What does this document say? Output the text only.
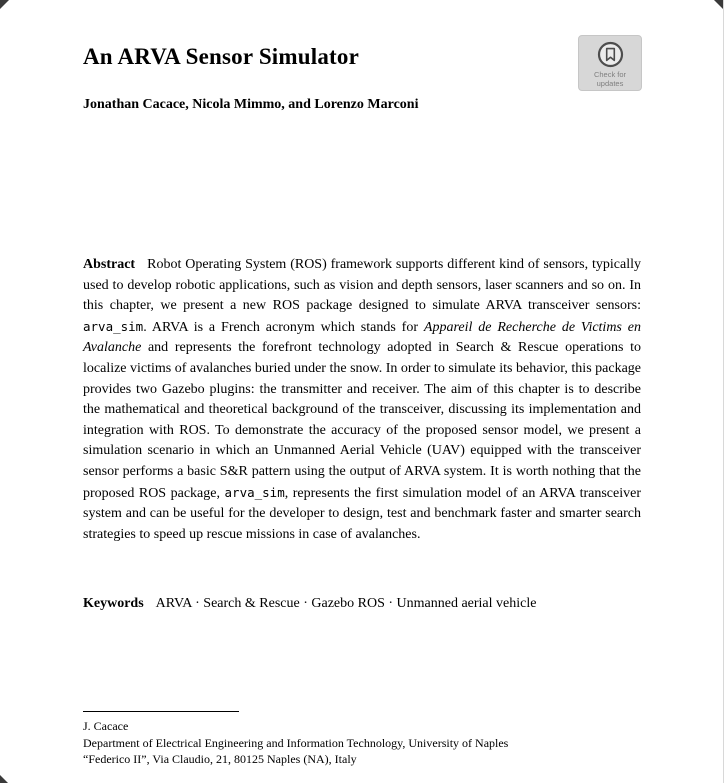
An ARVA Sensor Simulator
Check for
updates
Jonathan Cacace, Nicola Mimmo, and Lorenzo Marconi

Abstract Robot Operating System (ROS) framework supports different kind of sensors, typically used to develop robotic applications, such as vision and depth sensors, laser scanners and so on. In this chapter, we present a new ROS package designed to simulate ARVA transceiver sensors: arva_sim. ARVA is a French acronym which stands for Appareil de Recherche de Victims en Avalanche and represents the forefront technology adopted in Search & Rescue operations to localize victims of avalanches buried under the snow. In order to simulate its behavior, this package provides two Gazebo plugins: the transmitter and receiver. The aim of this chapter is to describe the mathematical and theoretical background of the transceiver, discussing its implementation and integration with ROS. To demonstrate the accuracy of the proposed sensor model, we present a simulation scenario in which an Unmanned Aerial Vehicle (UAV) equipped with the transceiver sensor performs a basic S&R pattern using the output of ARVA system. It is worth nothing that the proposed ROS package, arva_sim, represents the first simulation model of an ARVA transceiver system and can be useful for the developer to design, test and benchmark faster and smarter search strategies to speed up rescue missions in case of avalanches.

Keywords ARVA · Search & Rescue · Gazebo ROS · Unmanned aerial vehicle

J. Cacace
Department of Electrical Engineering and Information Technology, University of Naples
“Federico II”, Via Claudio, 21, 80125 Naples (NA), Italy
